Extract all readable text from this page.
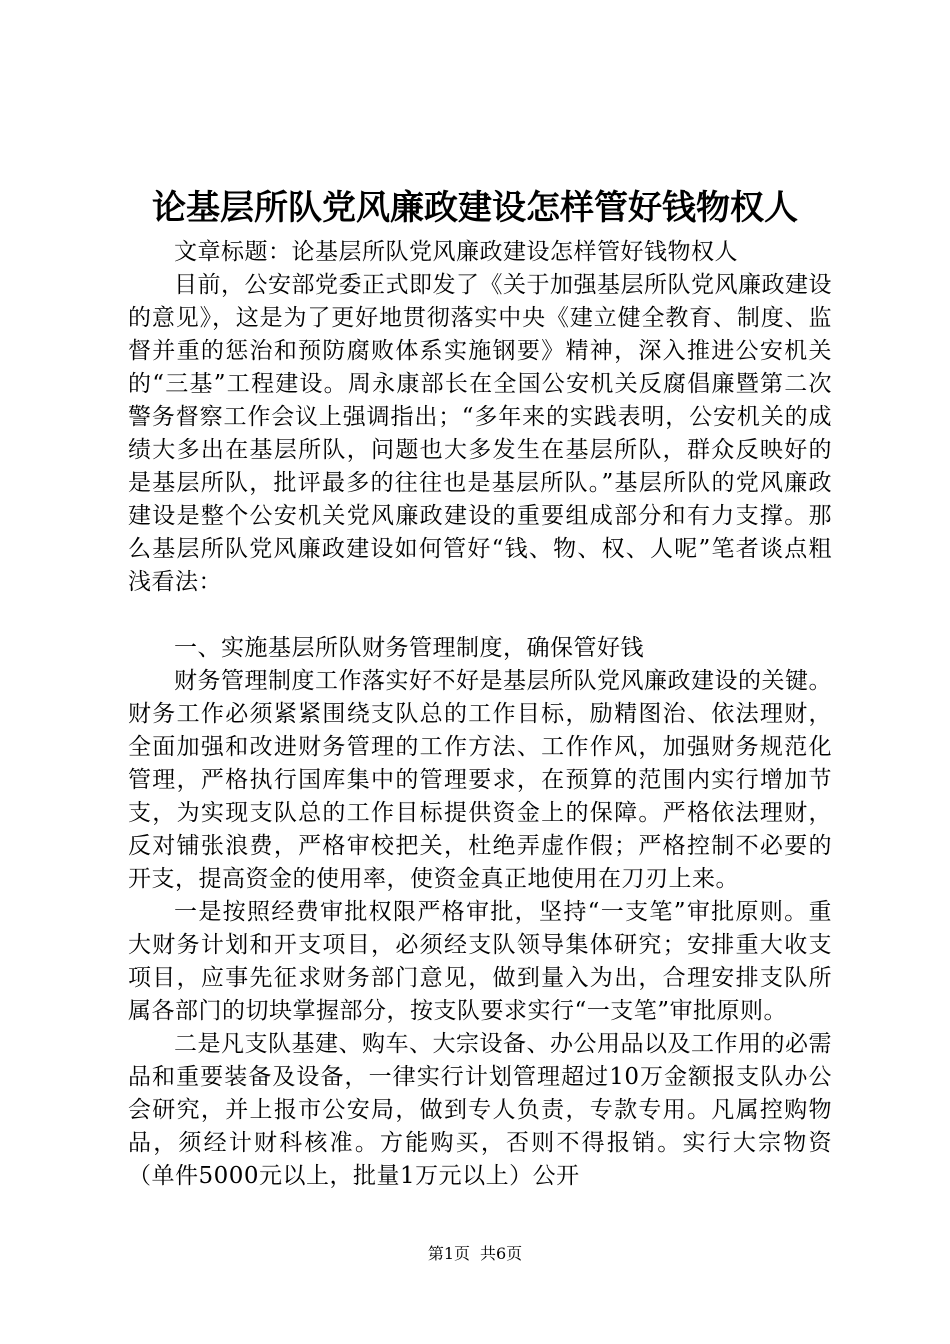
论基层所队党风廉政建设怎样管好钱物权人

文章标题：论基层所队党风廉政建设怎样管好钱物权人

目前，公安部党委正式即发了《关于加强基层所队党风廉政建设的意见》，这是为了更好地贯彻落实中央《建立健全教育、制度、监督并重的惩治和预防腐败体系实施钢要》精神，深入推进公安机关的“三基”工程建设。周永康部长在全国公安机关反腐倡廉暨第二次警务督察工作会议上强调指出；“多年来的实践表明，公安机关的成绩大多出在基层所队，问题也大多发生在基层所队，群众反映好的是基层所队，批评最多的往往也是基层所队。”基层所队的党风廉政建设是整个公安机关党风廉政建设的重要组成部分和有力支撑。那么基层所队党风廉政建设如何管好“钱、物、权、人呢”笔者谈点粗浅看法：

一、实施基层所队财务管理制度，确保管好钱

财务管理制度工作落实好不好是基层所队党风廉政建设的关键。财务工作必须紧紧围绕支队总的工作目标，励精图治、依法理财，全面加强和改进财务管理的工作方法、工作作风，加强财务规范化管理，严格执行国库集中的管理要求，在预算的范围内实行增加节支，为实现支队总的工作目标提供资金上的保障。严格依法理财，反对铺张浪费，严格审校把关，杜绝弄虚作假；严格控制不必要的开支，提高资金的使用率，使资金真正地使用在刀刃上来。

一是按照经费审批权限严格审批，坚持“一支笔”审批原则。重大财务计划和开支项目，必须经支队领导集体研究；安排重大收支项目，应事先征求财务部门意见，做到量入为出，合理安排支队所属各部门的切块掌握部分，按支队要求实行“一支笔”审批原则。

二是凡支队基建、购车、大宗设备、办公用品以及工作用的必需品和重要装备及设备，一律实行计划管理超过10万金额报支队办公会研究，并上报市公安局，做到专人负责，专款专用。凡属控购物品，须经计财科核准。方能购买，否则不得报销。实行大宗物资（单件5000元以上，批量1万元以上）公开

第1页 共6页
